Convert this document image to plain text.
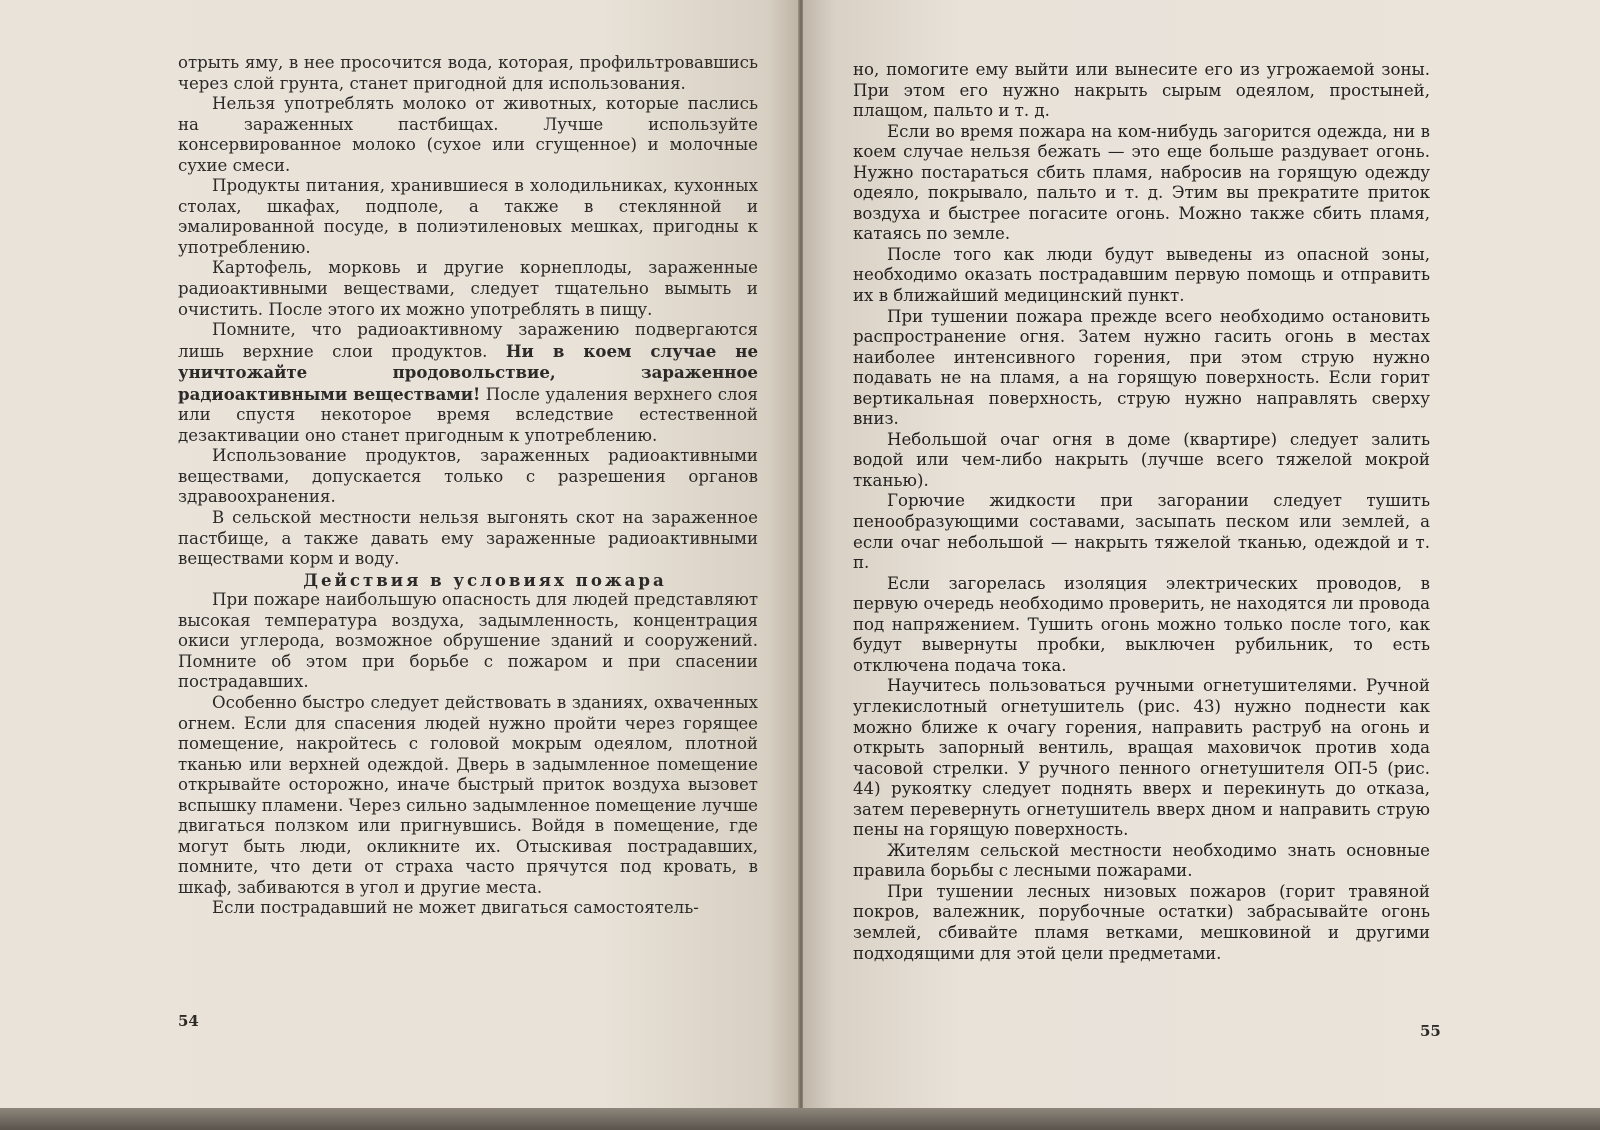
отрыть яму, в нее просочится вода, которая, профильтровавшись через слой грунта, станет пригодной для использования.

Нельзя употреблять молоко от животных, которые паслись на зараженных пастбищах. Лучше используйте консервированное молоко (сухое или сгущенное) и молочные сухие смеси.

Продукты питания, хранившиеся в холодильниках, кухонных столах, шкафах, подполе, а также в стеклянной и эмалированной посуде, в полиэтиленовых мешках, пригодны к употреблению.

Картофель, морковь и другие корнеплоды, зараженные радиоактивными веществами, следует тщательно вымыть и очистить. После этого их можно употреблять в пищу.

Помните, что радиоактивному заражению подвергаются лишь верхние слои продуктов. Ни в коем случае не уничтожайте продовольствие, зараженное радиоактивными веществами! После удаления верхнего слоя или спустя некоторое время вследствие естественной дезактивации оно станет пригодным к употреблению.

Использование продуктов, зараженных радиоактивными веществами, допускается только с разрешения органов здравоохранения.

В сельской местности нельзя выгонять скот на зараженное пастбище, а также давать ему зараженные радиоактивными веществами корм и воду.

Действия в условиях пожара

При пожаре наибольшую опасность для людей представляют высокая температура воздуха, задымленность, концентрация окиси углерода, возможное обрушение зданий и сооружений. Помните об этом при борьбе с пожаром и при спасении пострадавших.

Особенно быстро следует действовать в зданиях, охваченных огнем. Если для спасения людей нужно пройти через горящее помещение, накройтесь с головой мокрым одеялом, плотной тканью или верхней одеждой. Дверь в задымленное помещение открывайте осторожно, иначе быстрый приток воздуха вызовет вспышку пламени. Через сильно задымленное помещение лучше двигаться ползком или пригнувшись. Войдя в помещение, где могут быть люди, окликните их. Отыскивая пострадавших, помните, что дети от страха часто прячутся под кровать, в шкаф, забиваются в угол и другие места.

Если пострадавший не может двигаться самостоятель-

54

но, помогите ему выйти или вынесите его из угрожаемой зоны. При этом его нужно накрыть сырым одеялом, простыней, плащом, пальто и т. д.

Если во время пожара на ком-нибудь загорится одежда, ни в коем случае нельзя бежать — это еще больше раздувает огонь. Нужно постараться сбить пламя, набросив на горящую одежду одеяло, покрывало, пальто и т. д. Этим вы прекратите приток воздуха и быстрее погасите огонь. Можно также сбить пламя, катаясь по земле.

После того как люди будут выведены из опасной зоны, необходимо оказать пострадавшим первую помощь и отправить их в ближайший медицинский пункт.

При тушении пожара прежде всего необходимо остановить распространение огня. Затем нужно гасить огонь в местах наиболее интенсивного горения, при этом струю нужно подавать не на пламя, а на горящую поверхность. Если горит вертикальная поверхность, струю нужно направлять сверху вниз.

Небольшой очаг огня в доме (квартире) следует залить водой или чем-либо накрыть (лучше всего тяжелой мокрой тканью).

Горючие жидкости при загорании следует тушить пенообразующими составами, засыпать песком или землей, а если очаг небольшой — накрыть тяжелой тканью, одеждой и т. п.

Если загорелась изоляция электрических проводов, в первую очередь необходимо проверить, не находятся ли провода под напряжением. Тушить огонь можно только после того, как будут вывернуты пробки, выключен рубильник, то есть отключена подача тока.

Научитесь пользоваться ручными огнетушителями. Ручной углекислотный огнетушитель (рис. 43) нужно поднести как можно ближе к очагу горения, направить раструб на огонь и открыть запорный вентиль, вращая маховичок против хода часовой стрелки. У ручного пенного огнетушителя ОП-5 (рис. 44) рукоятку следует поднять вверх и перекинуть до отказа, затем перевернуть огнетушитель вверх дном и направить струю пены на горящую поверхность.

Жителям сельской местности необходимо знать основные правила борьбы с лесными пожарами.

При тушении лесных низовых пожаров (горит травяной покров, валежник, порубочные остатки) забрасывайте огонь землей, сбивайте пламя ветками, мешковиной и другими подходящими для этой цели предметами.

55
